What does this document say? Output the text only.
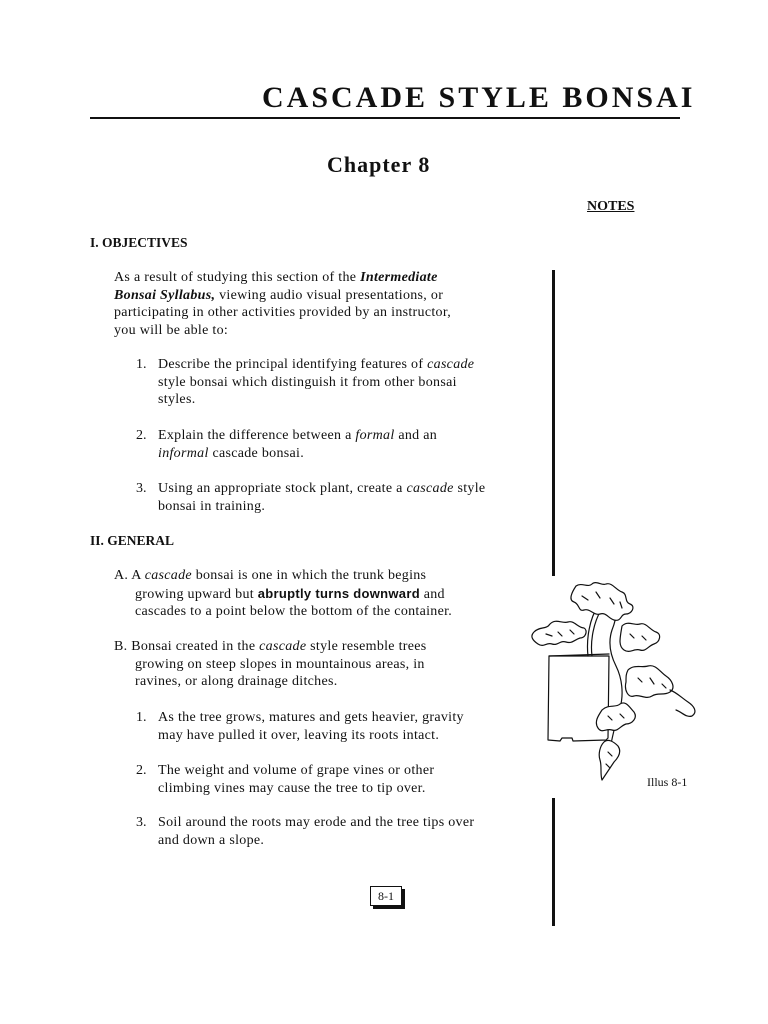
CASCADE STYLE BONSAI
Chapter 8
NOTES
I. OBJECTIVES
As a result of studying this section of the Intermediate
Bonsai Syllabus, viewing audio visual presentations, or
participating in other activities provided by an instructor,
you will be able to:
1. Describe the principal identifying features of cascade
style bonsai which distinguish it from other bonsai
styles.
2. Explain the difference between a formal and an
informal cascade bonsai.
3. Using an appropriate stock plant, create a cascade style
bonsai in training.
II. GENERAL
A. A cascade bonsai is one in which the trunk begins
growing upward but abruptly turns downward and
cascades to a point below the bottom of the container.
B. Bonsai created in the cascade style resemble trees
growing on steep slopes in mountainous areas, in
ravines, or along drainage ditches.
1. As the tree grows, matures and gets heavier, gravity
may have pulled it over, leaving its roots intact.
2. The weight and volume of grape vines or other
climbing vines may cause the tree to tip over.
3. Soil around the roots may erode and the tree tips over
and down a slope.
Illus 8-1
8-1
